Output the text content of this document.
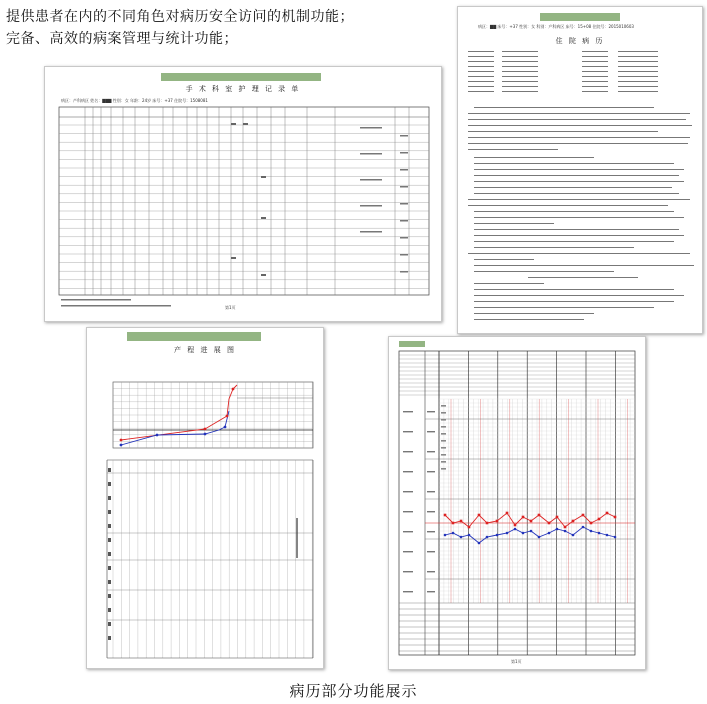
提供患者在内的不同角色对病历安全访问的机制功能；
完备、高效的病案管理与统计功能；
手 术 科 室 护 理 记 录 单
病区：产科病区 姓名：▇▇▇ 性别：女 年龄：24岁 床号：+37 住院号：1508081
第1页
病区：▇▇ 床号：+37 性别：女 科别：产科病区 床号：15+08 住院号：2015010603
住 院 病 历
产 程 进 展 图
第1页
病历部分功能展示
